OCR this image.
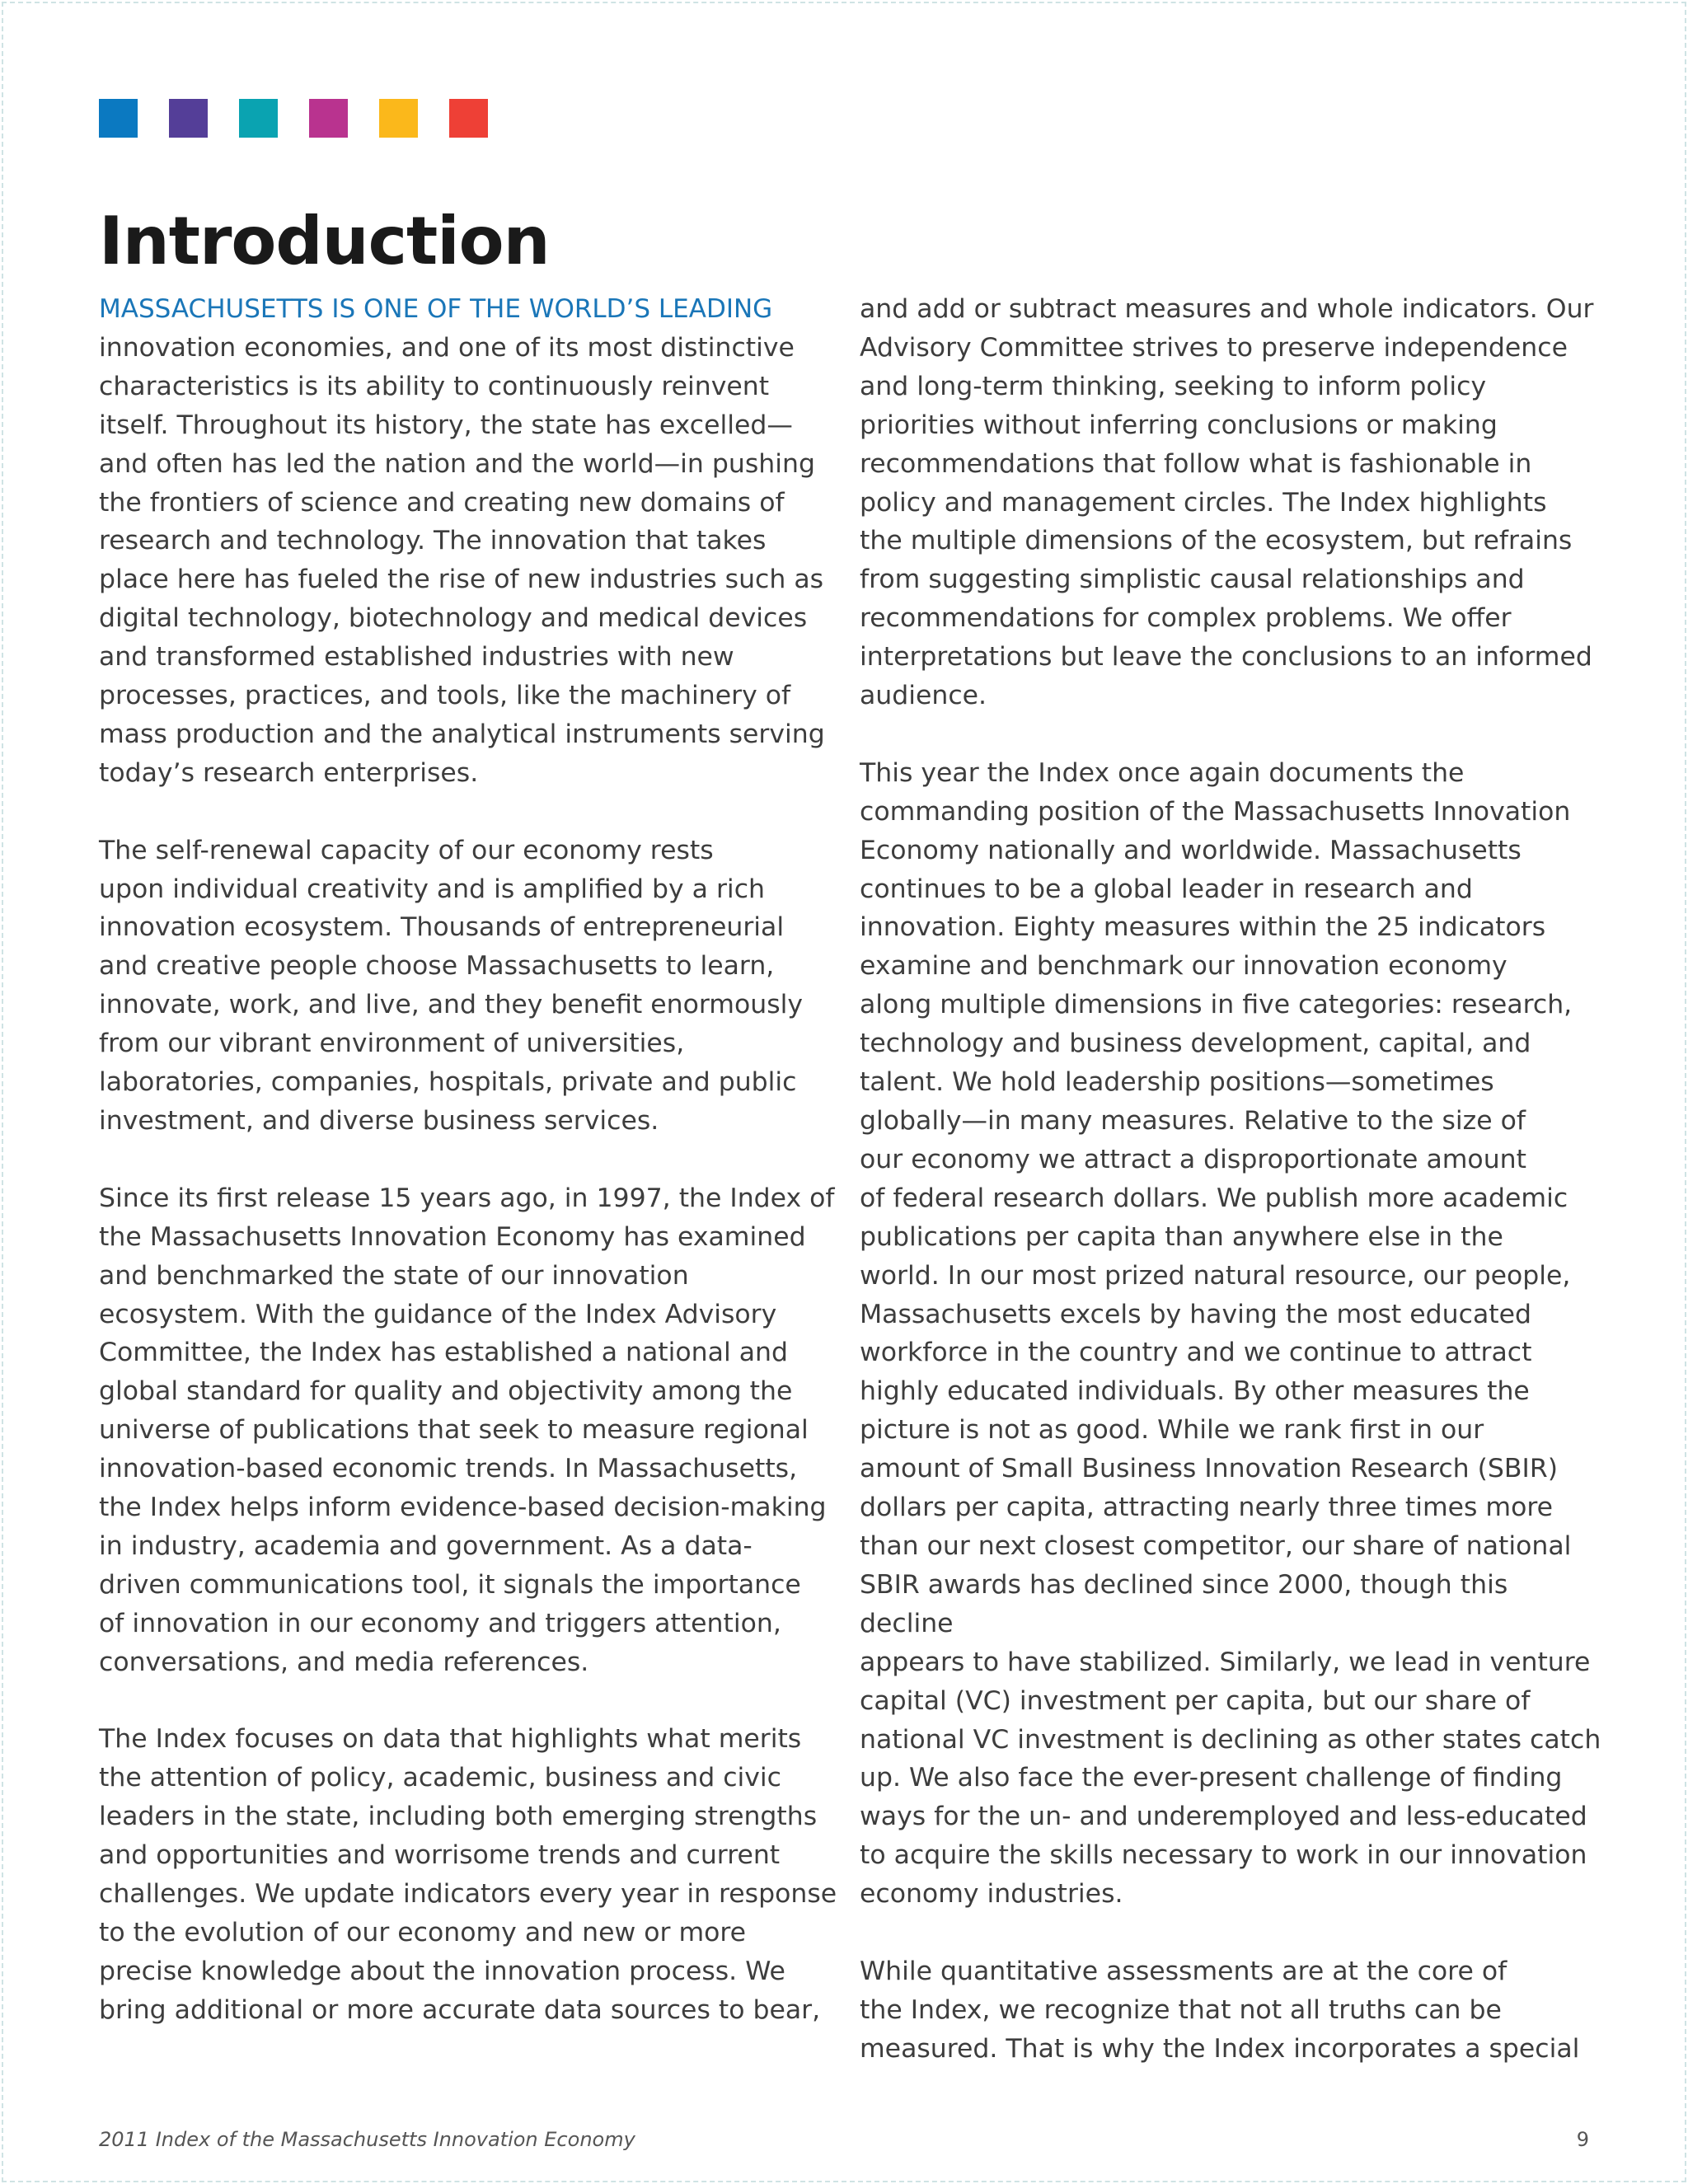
Introduction

MASSACHUSETTS IS ONE OF THE WORLD’S LEADING
innovation economies, and one of its most distinctive
characteristics is its ability to continuously reinvent
itself. Throughout its history, the state has excelled—
and often has led the nation and the world—in pushing
the frontiers of science and creating new domains of
research and technology. The innovation that takes
place here has fueled the rise of new industries such as
digital technology, biotechnology and medical devices
and transformed established industries with new
processes, practices, and tools, like the machinery of
mass production and the analytical instruments serving
today’s research enterprises.

The self-renewal capacity of our economy rests
upon individual creativity and is amplified by a rich
innovation ecosystem. Thousands of entrepreneurial
and creative people choose Massachusetts to learn,
innovate, work, and live, and they benefit enormously
from our vibrant environment of universities,
laboratories, companies, hospitals, private and public
investment, and diverse business services.

Since its first release 15 years ago, in 1997, the Index of
the Massachusetts Innovation Economy has examined
and benchmarked the state of our innovation
ecosystem. With the guidance of the Index Advisory
Committee, the Index has established a national and
global standard for quality and objectivity among the
universe of publications that seek to measure regional
innovation-based economic trends. In Massachusetts,
the Index helps inform evidence-based decision-making
in industry, academia and government. As a data-
driven communications tool, it signals the importance
of innovation in our economy and triggers attention,
conversations, and media references.

The Index focuses on data that highlights what merits
the attention of policy, academic, business and civic
leaders in the state, including both emerging strengths
and opportunities and worrisome trends and current
challenges. We update indicators every year in response
to the evolution of our economy and new or more
precise knowledge about the innovation process. We
bring additional or more accurate data sources to bear,

and add or subtract measures and whole indicators. Our
Advisory Committee strives to preserve independence
and long-term thinking, seeking to inform policy
priorities without inferring conclusions or making
recommendations that follow what is fashionable in
policy and management circles. The Index highlights
the multiple dimensions of the ecosystem, but refrains
from suggesting simplistic causal relationships and
recommendations for complex problems. We offer
interpretations but leave the conclusions to an informed
audience.

This year the Index once again documents the
commanding position of the Massachusetts Innovation
Economy nationally and worldwide. Massachusetts
continues to be a global leader in research and
innovation. Eighty measures within the 25 indicators
examine and benchmark our innovation economy
along multiple dimensions in five categories: research,
technology and business development, capital, and
talent. We hold leadership positions—sometimes
globally—in many measures. Relative to the size of
our economy we attract a disproportionate amount
of federal research dollars. We publish more academic
publications per capita than anywhere else in the
world. In our most prized natural resource, our people,
Massachusetts excels by having the most educated
workforce in the country and we continue to attract
highly educated individuals. By other measures the
picture is not as good. While we rank first in our
amount of Small Business Innovation Research (SBIR)
dollars per capita, attracting nearly three times more
than our next closest competitor, our share of national
SBIR awards has declined since 2000, though this decline
appears to have stabilized. Similarly, we lead in venture
capital (VC) investment per capita, but our share of
national VC investment is declining as other states catch
up. We also face the ever-present challenge of finding
ways for the un- and underemployed and less-educated
to acquire the skills necessary to work in our innovation
economy industries.

While quantitative assessments are at the core of
the Index, we recognize that not all truths can be
measured. That is why the Index incorporates a special

2011 Index of the Massachusetts Innovation Economy	9
